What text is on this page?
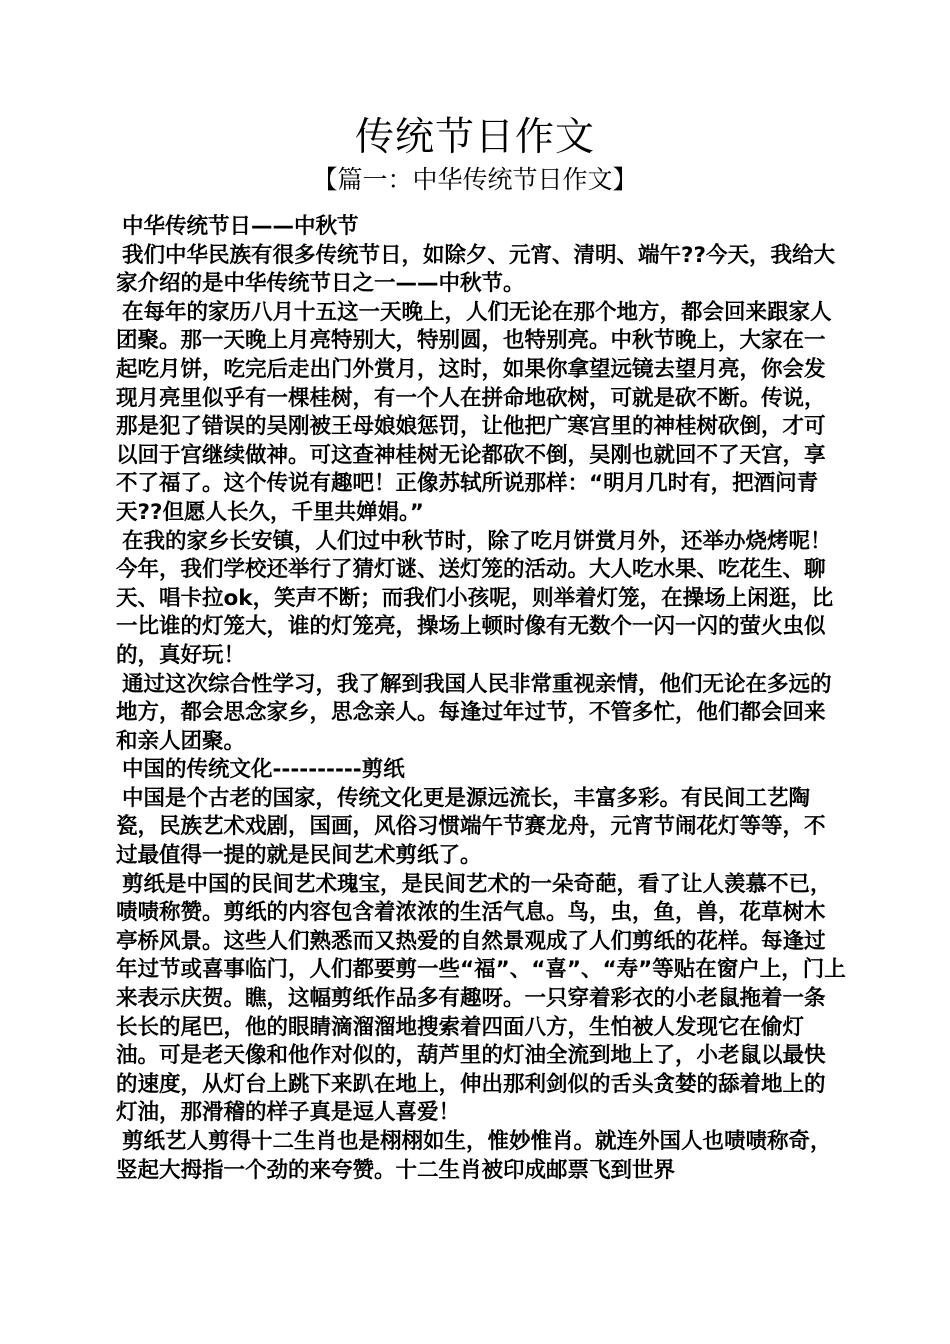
传统节日作文
【篇一：中华传统节日作文】

中华传统节日——中秋节

我们中华民族有很多传统节日，如除夕、元宵、清明、端午??今天，我给大家介绍的是中华传统节日之一——中秋节。

在每年的家历八月十五这一天晚上，人们无论在那个地方，都会回来跟家人团聚。那一天晚上月亮特别大，特别圆，也特别亮。中秋节晚上，大家在一起吃月饼，吃完后走出门外赏月，这时，如果你拿望远镜去望月亮，你会发现月亮里似乎有一棵桂树，有一个人在拼命地砍树，可就是砍不断。传说，那是犯了错误的吴刚被王母娘娘惩罚，让他把广寒宫里的神桂树砍倒，才可以回于宫继续做神。可这查神桂树无论都砍不倒，吴刚也就回不了天宫，享不了福了。这个传说有趣吧！正像苏轼所说那样：“明月几时有，把酒问青天??但愿人长久，千里共婵娟。”

在我的家乡长安镇，人们过中秋节时，除了吃月饼赏月外，还举办烧烤呢！今年，我们学校还举行了猜灯谜、送灯笼的活动。大人吃水果、吃花生、聊天、唱卡拉ok，笑声不断；而我们小孩呢，则举着灯笼，在操场上闲逛，比一比谁的灯笼大，谁的灯笼亮，操场上顿时像有无数个一闪一闪的萤火虫似的，真好玩！

通过这次综合性学习，我了解到我国人民非常重视亲情，他们无论在多远的地方，都会思念家乡，思念亲人。每逢过年过节，不管多忙，他们都会回来和亲人团聚。

中国的传统文化----------剪纸

中国是个古老的国家，传统文化更是源远流长，丰富多彩。有民间工艺陶瓷，民族艺术戏剧，国画，风俗习惯端午节赛龙舟，元宵节闹花灯等等，不过最值得一提的就是民间艺术剪纸了。

剪纸是中国的民间艺术瑰宝，是民间艺术的一朵奇葩，看了让人羡慕不已，啧啧称赞。剪纸的内容包含着浓浓的生活气息。鸟，虫，鱼，兽，花草树木亭桥风景。这些人们熟悉而又热爱的自然景观成了人们剪纸的花样。每逢过年过节或喜事临门，人们都要剪一些“福”、“喜”、“寿”等贴在窗户上，门上来表示庆贺。瞧，这幅剪纸作品多有趣呀。一只穿着彩衣的小老鼠拖着一条长长的尾巴，他的眼睛滴溜溜地搜索着四面八方，生怕被人发现它在偷灯油。可是老天像和他作对似的，葫芦里的灯油全流到地上了，小老鼠以最快的速度，从灯台上跳下来趴在地上，伸出那利剑似的舌头贪婪的舔着地上的灯油，那滑稽的样子真是逗人喜爱！

剪纸艺人剪得十二生肖也是栩栩如生，惟妙惟肖。就连外国人也啧啧称奇，竖起大拇指一个劲的来夸赞。十二生肖被印成邮票飞到世界
